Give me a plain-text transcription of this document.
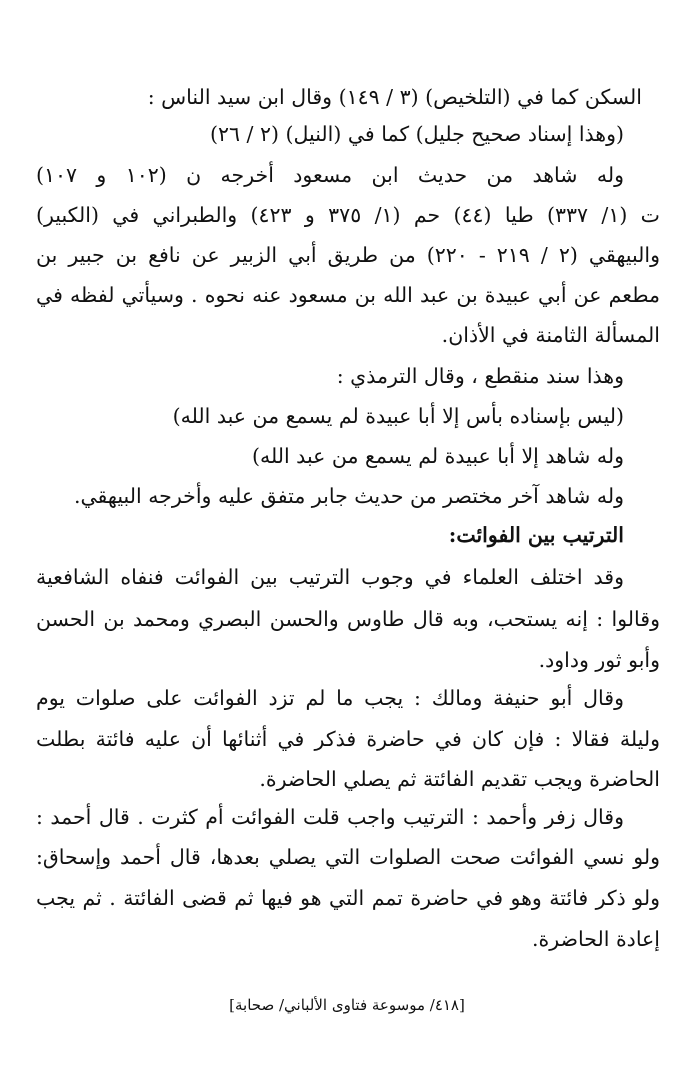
السكن كما في (التلخيص) (٣ / ١٤٩) وقال ابن سيد الناس :
(وهذا إسناد صحيح جليل) كما في (النيل) (٢ / ٢٦)
وله شاهد من حديث ابن مسعود أخرجه ن (١٠٢ و ١٠٧)
ت (١/ ٣٣٧) طيا (٤٤) حم (١/ ٣٧٥ و ٤٢٣) والطبراني في (الكبير)
والبيهقي (٢ / ٢١٩ - ٢٢٠) من طريق أبي الزبير عن نافع بن جبير بن
مطعم عن أبي عبيدة بن عبد الله بن مسعود عنه نحوه . وسيأتي لفظه في
المسألة الثامنة في الأذان.
وهذا سند منقطع ، وقال الترمذي :
(ليس بإسناده بأس إلا أبا عبيدة لم يسمع من عبد الله)
وله شاهد إلا أبا عبيدة لم يسمع من عبد الله)
وله شاهد آخر مختصر من حديث جابر متفق عليه وأخرجه البيهقي.
الترتيب بين الفوائت:
وقد اختلف العلماء في وجوب الترتيب بين الفوائت فنفاه الشافعية
وقالوا : إنه يستحب، وبه قال طاوس والحسن البصري ومحمد بن الحسن
وأبو ثور وداود.
وقال أبو حنيفة ومالك : يجب ما لم تزد الفوائت على صلوات يوم
وليلة فقالا : فإن كان في حاضرة فذكر في أثنائها أن عليه فائتة بطلت
الحاضرة ويجب تقديم الفائتة ثم يصلي الحاضرة.
وقال زفر وأحمد : الترتيب واجب قلت الفوائت أم كثرت . قال أحمد :
ولو نسي الفوائت صحت الصلوات التي يصلي بعدها، قال أحمد وإسحاق:
ولو ذكر فائتة وهو في حاضرة تمم التي هو فيها ثم قضى الفائتة . ثم يجب
إعادة الحاضرة.
[٤١٨/ موسوعة فتاوى الألباني/ صحابة]
